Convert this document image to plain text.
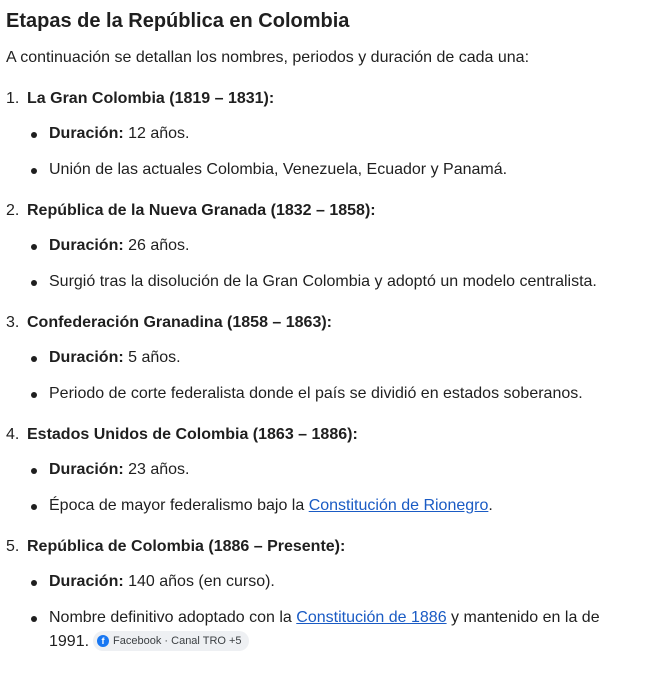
Etapas de la República en Colombia
A continuación se detallan los nombres, periodos y duración de cada una:
1. La Gran Colombia (1819 – 1831):
Duración: 12 años.
Unión de las actuales Colombia, Venezuela, Ecuador y Panamá.
2. República de la Nueva Granada (1832 – 1858):
Duración: 26 años.
Surgió tras la disolución de la Gran Colombia y adoptó un modelo centralista.
3. Confederación Granadina (1858 – 1863):
Duración: 5 años.
Periodo de corte federalista donde el país se dividió en estados soberanos.
4. Estados Unidos de Colombia (1863 – 1886):
Duración: 23 años.
Época de mayor federalismo bajo la Constitución de Rionegro.
5. República de Colombia (1886 – Presente):
Duración: 140 años (en curso).
Nombre definitivo adoptado con la Constitución de 1886 y mantenido en la de 1991.	f Facebook · Canal TRO +5
